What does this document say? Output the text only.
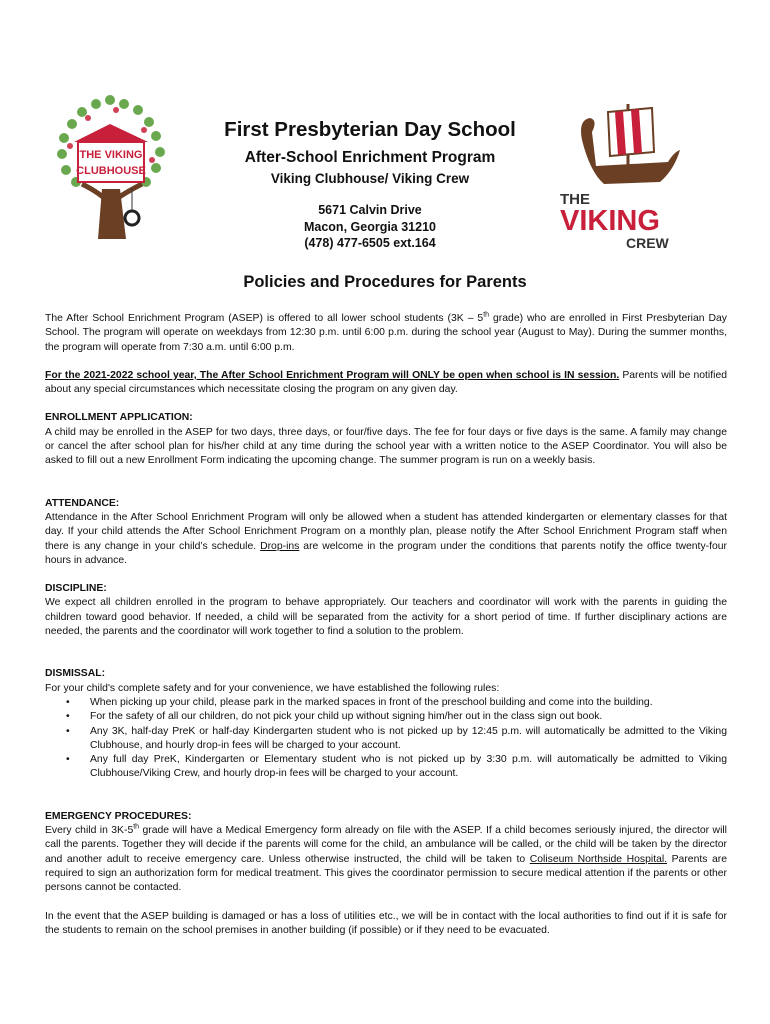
THE VIKING
CLUBHOUSE
First Presbyterian Day School
After-School Enrichment Program
Viking Clubhouse/ Viking Crew
5671 Calvin Drive
Macon, Georgia 31210
(478) 477-6505 ext.164
THE
VIKING
CREW
Policies and Procedures for Parents

The After School Enrichment Program (ASEP) is offered to all lower school students (3K – 5th grade) who are enrolled in First Presbyterian Day School. The program will operate on weekdays from 12:30 p.m. until 6:00 p.m. during the school year (August to May). During the summer months, the program will operate from 7:30 a.m. until 6:00 p.m.

For the 2021-2022 school year, The After School Enrichment Program will ONLY be open when school is IN session. Parents will be notified about any special circumstances which necessitate closing the program on any given day.

ENROLLMENT APPLICATION:
A child may be enrolled in the ASEP for two days, three days, or four/five days. The fee for four days or five days is the same. A family may change or cancel the after school plan for his/her child at any time during the school year with a written notice to the ASEP Coordinator. You will also be asked to fill out a new Enrollment Form indicating the upcoming change. The summer program is run on a weekly basis.

ATTENDANCE:
Attendance in the After School Enrichment Program will only be allowed when a student has attended kindergarten or elementary classes for that day. If your child attends the After School Enrichment Program on a monthly plan, please notify the After School Enrichment Program staff when there is any change in your child’s schedule. Drop-ins are welcome in the program under the conditions that parents notify the office twenty-four hours in advance.

DISCIPLINE:
We expect all children enrolled in the program to behave appropriately. Our teachers and coordinator will work with the parents in guiding the children toward good behavior. If needed, a child will be separated from the activity for a short period of time. If further disciplinary actions are needed, the parents and the coordinator will work together to find a solution to the problem.

DISMISSAL:
For your child's complete safety and for your convenience, we have established the following rules:

• When picking up your child, please park in the marked spaces in front of the preschool building and come into the building.
• For the safety of all our children, do not pick your child up without signing him/her out in the class sign out book.
• Any 3K, half-day PreK or half-day Kindergarten student who is not picked up by 12:45 p.m. will automatically be admitted to the Viking Clubhouse, and hourly drop-in fees will be charged to your account.
• Any full day PreK, Kindergarten or Elementary student who is not picked up by 3:30 p.m. will automatically be admitted to Viking Clubhouse/Viking Crew, and hourly drop-in fees will be charged to your account.

EMERGENCY PROCEDURES:
Every child in 3K-5th grade will have a Medical Emergency form already on file with the ASEP. If a child becomes seriously injured, the director will call the parents. Together they will decide if the parents will come for the child, an ambulance will be called, or the child will be taken by the director and another adult to receive emergency care. Unless otherwise instructed, the child will be taken to Coliseum Northside Hospital. Parents are required to sign an authorization form for medical treatment. This gives the coordinator permission to secure medical attention if the parents or other persons cannot be contacted.

In the event that the ASEP building is damaged or has a loss of utilities etc., we will be in contact with the local authorities to find out if it is safe for the students to remain on the school premises in another building (if possible) or if they need to be evacuated.
